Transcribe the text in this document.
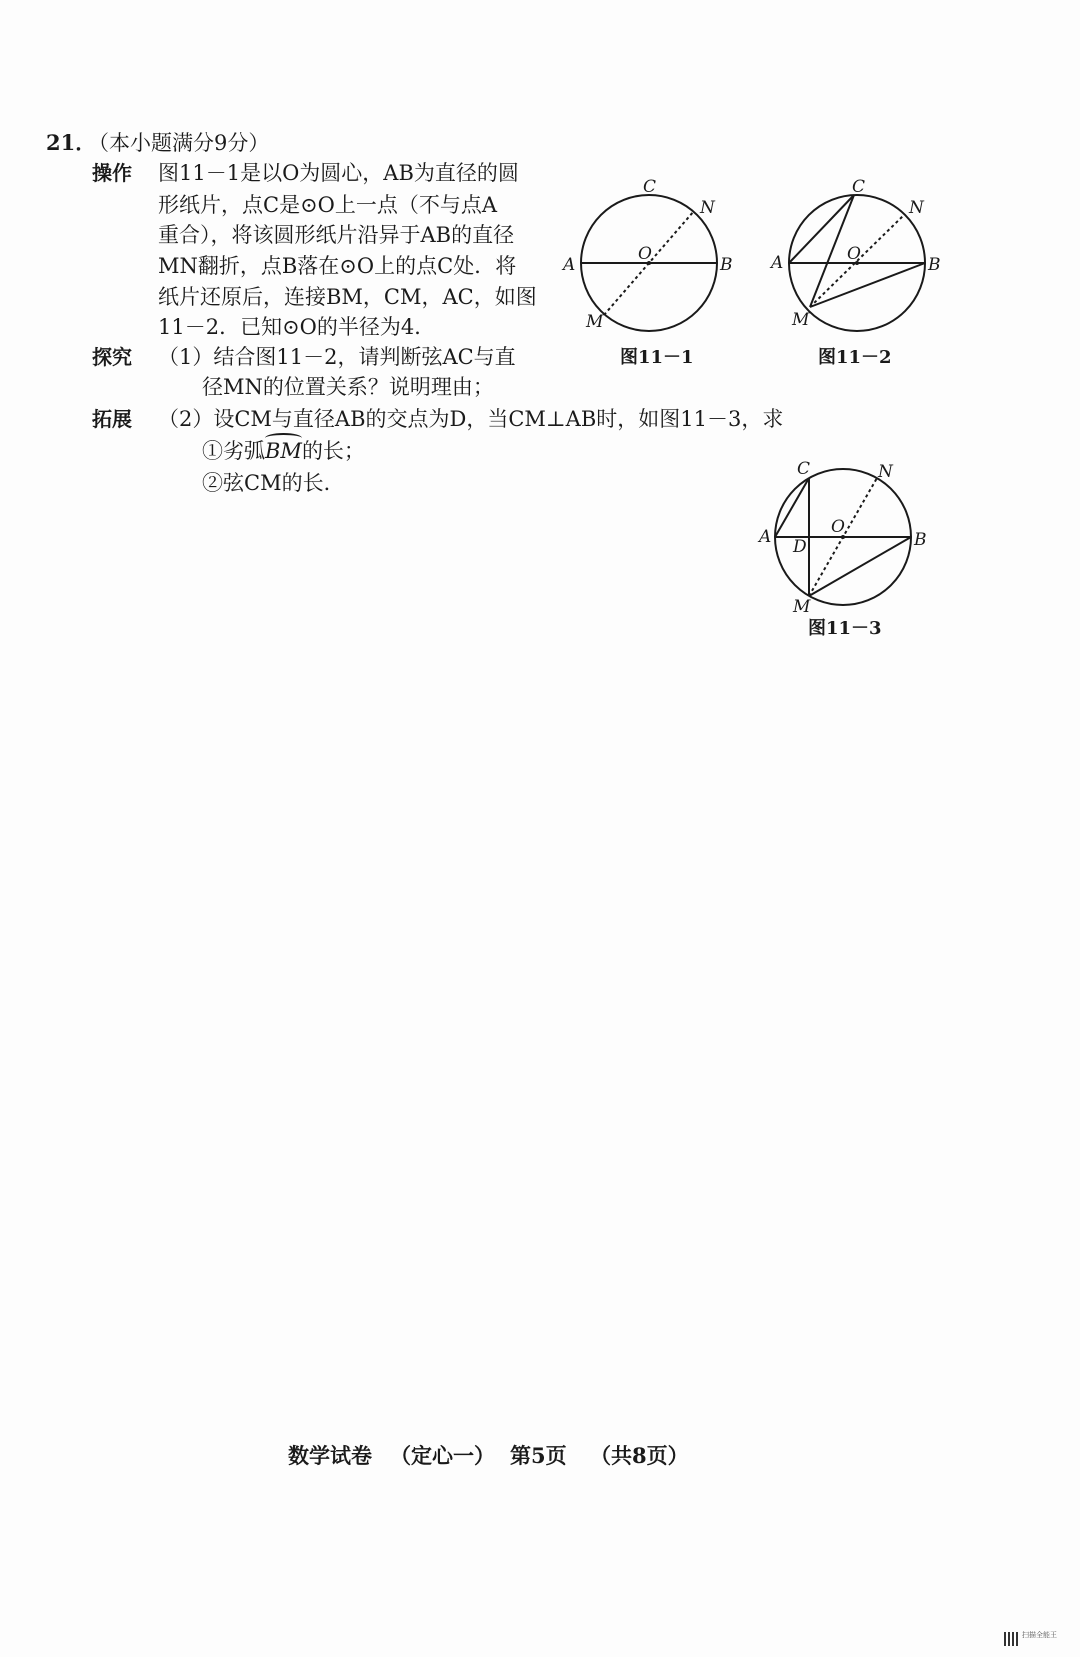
21．
（本小题满分9分）
操作 图11－1是以O为圆心，AB为直径的圆
形纸片，点C是⊙O上一点（不与点A
重合），将该圆形纸片沿异于AB的直径
MN翻折，点B落在⊙O上的点C处．将
纸片还原后，连接BM，CM，AC，如图
11－2．已知⊙O的半径为4．
探究 （1）结合图11－2，请判断弦AC与直
径MN的位置关系？说明理由；
拓展 （2）设CM与直径AB的交点为D，当CM⊥AB时，如图11－3，求
①劣弧BM的长；
②弦CM的长．
A	B
C
N
O
M
图11－1
A	B
C
N
O
M
图11－2
A	B
C	N
O
D
M
图11－3
数学试卷 （定心一） 第5页 （共8页）
扫描全能王
